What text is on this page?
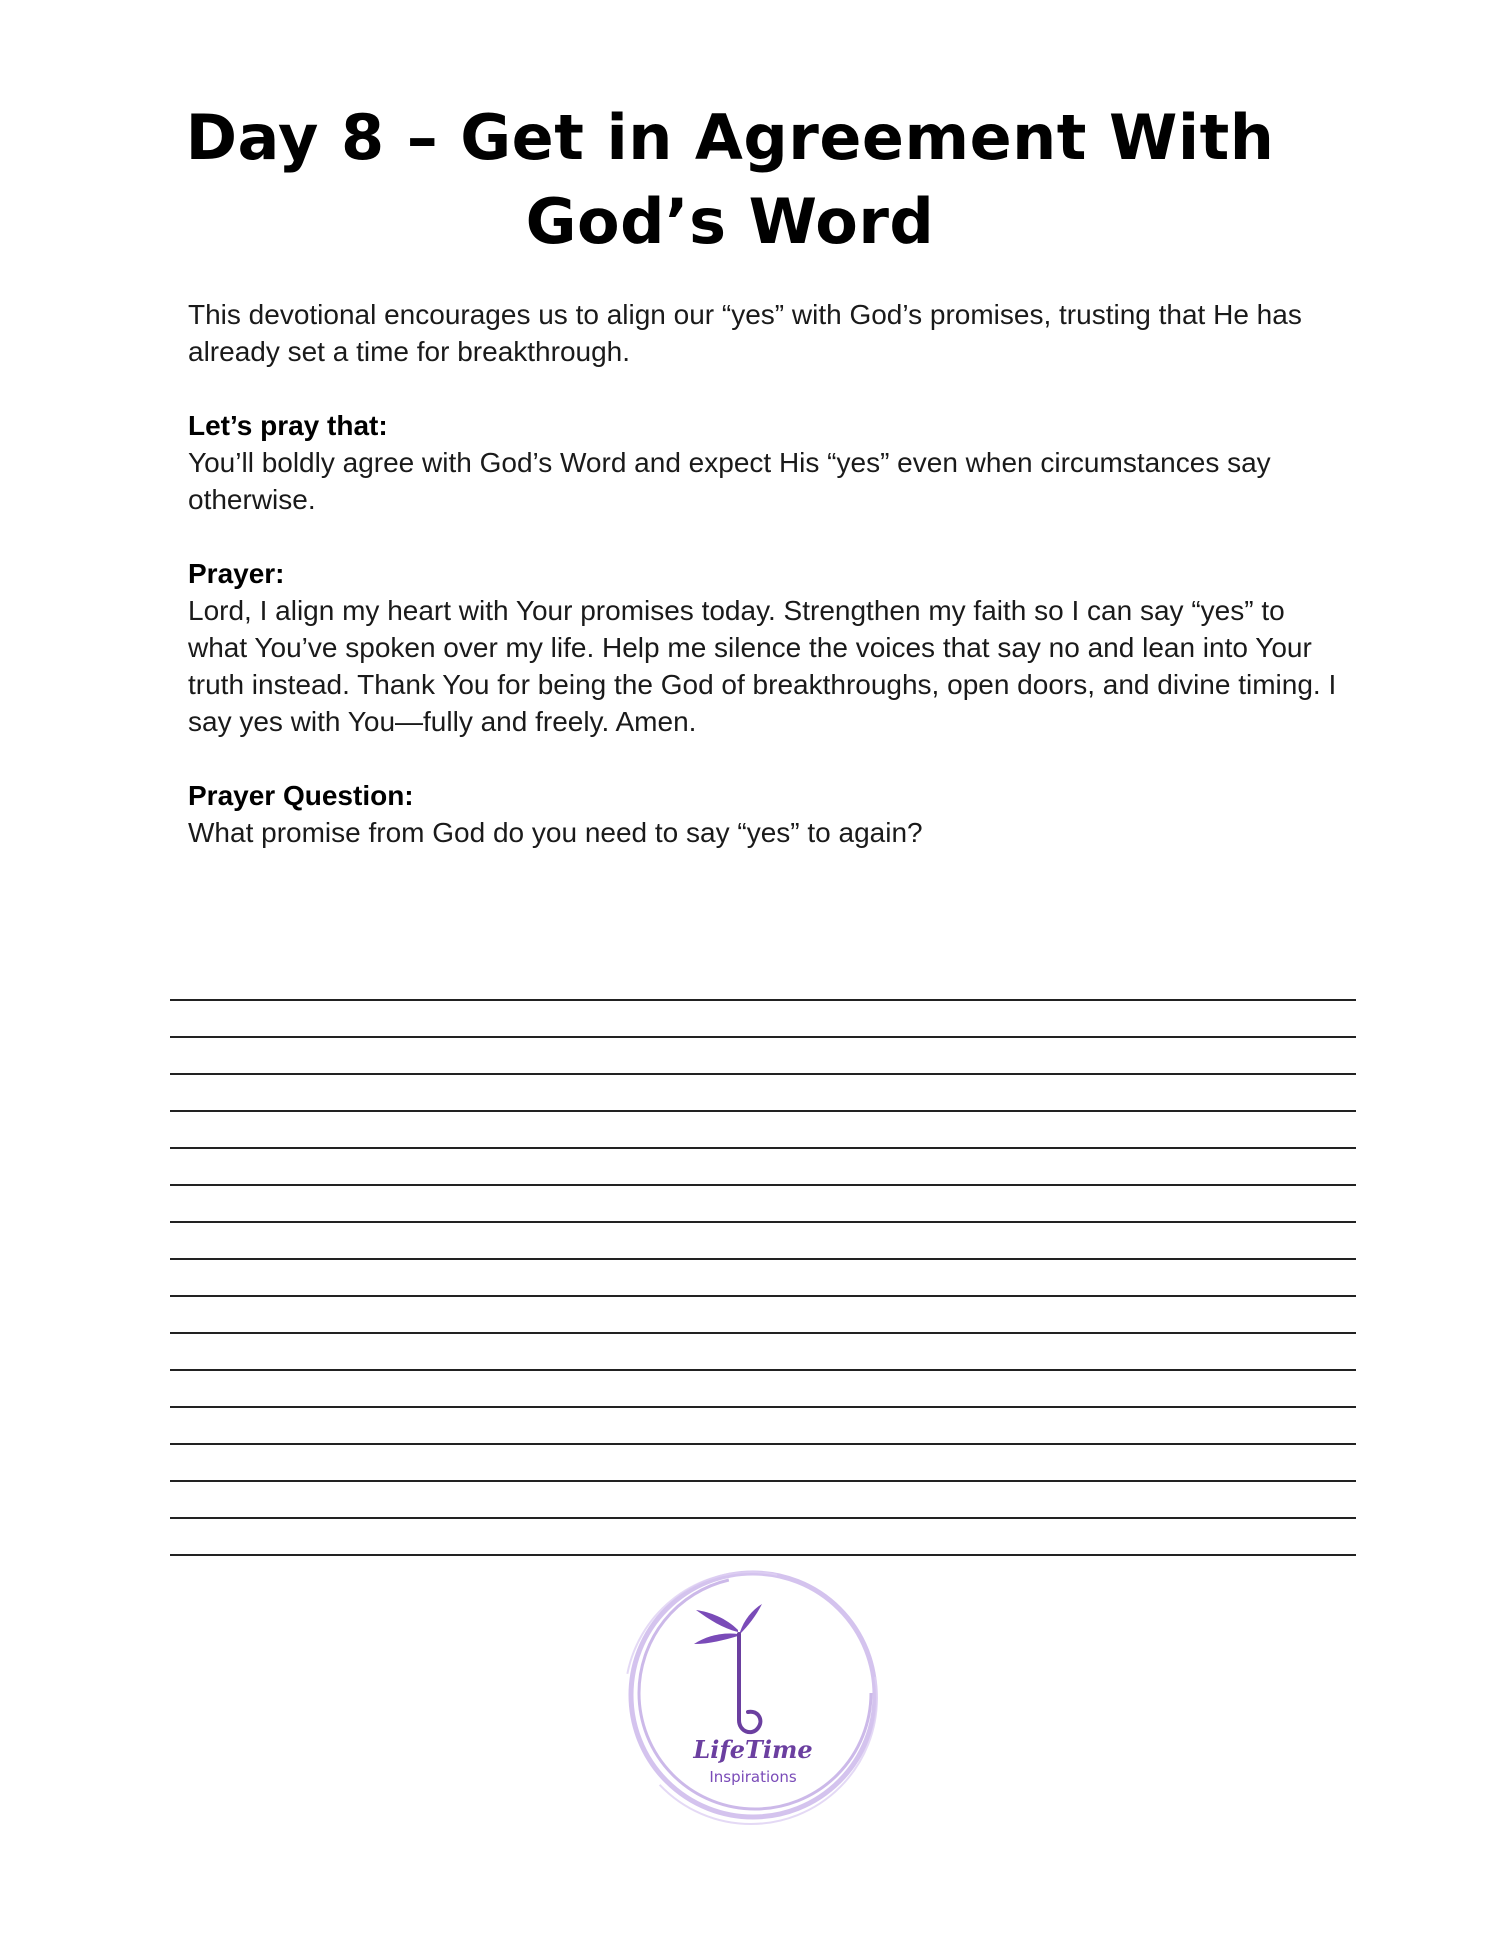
Day 8 – Get in Agreement With
God’s Word

This devotional encourages us to align our “yes” with God’s promises, trusting that He has already set a time for breakthrough.

Let’s pray that:
You’ll boldly agree with God’s Word and expect His “yes” even when circumstances say otherwise.

Prayer:
Lord, I align my heart with Your promises today. Strengthen my faith so I can say “yes” to what You’ve spoken over my life. Help me silence the voices that say no and lean into Your truth instead. Thank You for being the God of breakthroughs, open doors, and divine timing. I say yes with You—fully and freely. Amen.

Prayer Question:
What promise from God do you need to say “yes” to again?

LifeTime
Inspirations
